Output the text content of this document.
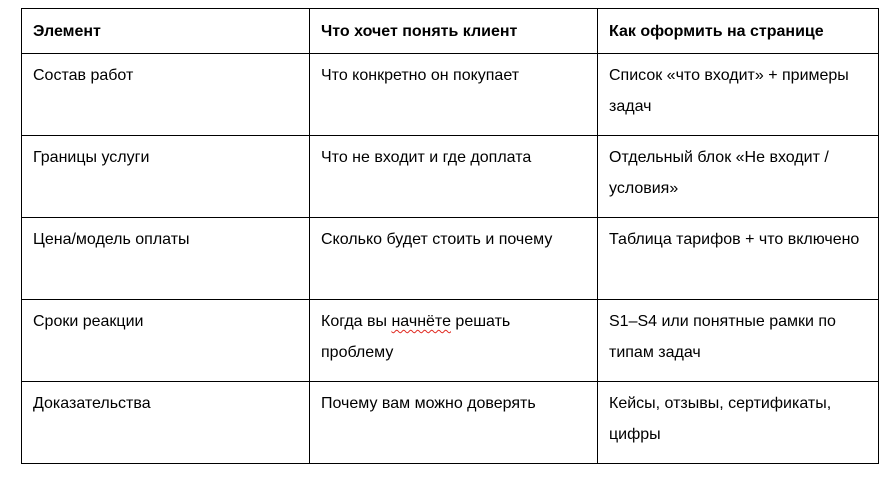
Элемент	Что хочет понять клиент	Как оформить на странице
Состав работ	Что конкретно он покупает	Список «что входит» + примеры задач
Границы услуги	Что не входит и где доплата	Отдельный блок «Не входит / условия»
Цена/модель оплаты	Сколько будет стоить и почему	Таблица тарифов + что включено
Сроки реакции	Когда вы начнёте решать проблему	S1–S4 или понятные рамки по типам задач
Доказательства	Почему вам можно доверять	Кейсы, отзывы, сертификаты, цифры
